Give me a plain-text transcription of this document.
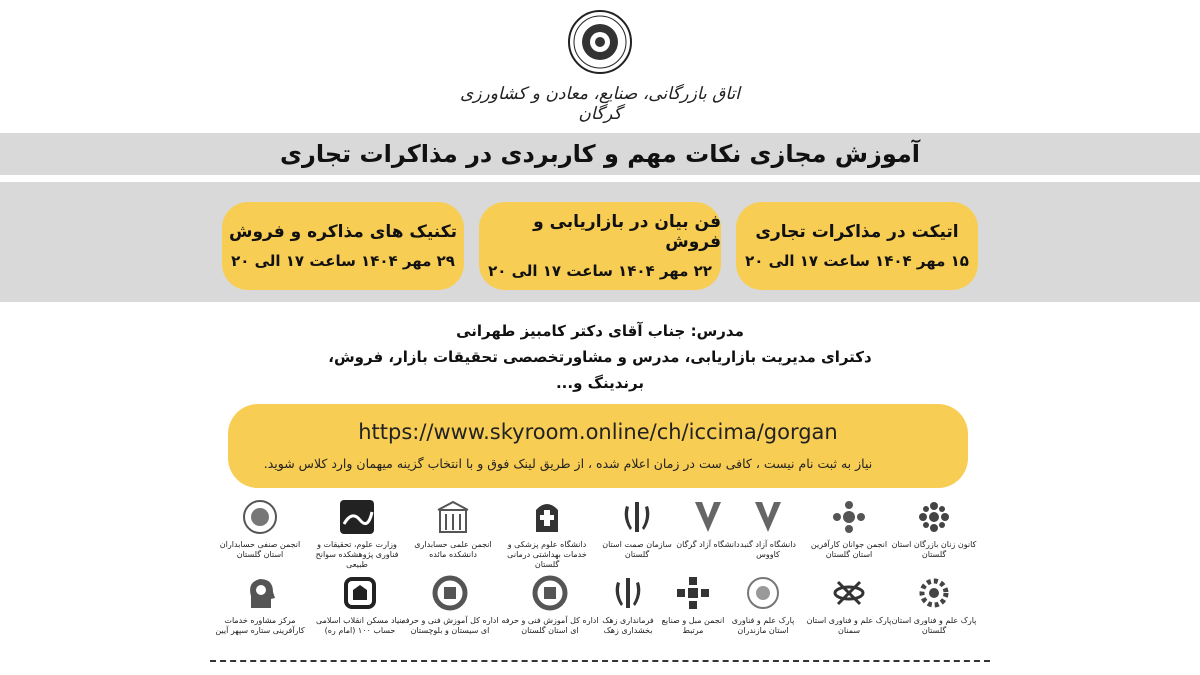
اتاق بازرگانی، صنایع، معادن و کشاورزی گرگان
آموزش مجازی نکات مهم و کاربردی در مذاکرات تجاری
اتیکت در مذاکرات تجاری
۱۵ مهر ۱۴۰۴ ساعت ۱۷ الی ۲۰
فن بیان در بازاریابی و فروش
۲۲ مهر ۱۴۰۴ ساعت ۱۷ الی ۲۰
تکنیک های مذاکره و فروش
۲۹ مهر ۱۴۰۴ ساعت ۱۷ الی ۲۰
مدرس: جناب آقای دکتر کامبیز طهرانی
دکترای مدیریت بازاریابی، مدرس و مشاورتخصصی تحقیقات بازار، فروش، برندینگ و...
https://www.skyroom.online/ch/iccima/gorgan
نیاز به ثبت نام نیست ، کافی ست در زمان اعلام شده ، از طریق لینک فوق و با انتخاب گزینه میهمان وارد کلاس شوید.
کانون زنان بازرگان استان گلستان
انجمن جوانان کارآفرین استان گلستان
دانشگاه آزاد گنبد کاووس
دانشگاه آزاد گرگان
سازمان صمت استان گلستان
دانشگاه علوم پزشکی و خدمات بهداشتی درمانی گلستان
انجمن علمی حسابداری دانشکده مائده
وزارت علوم، تحقیقات و فناوری پژوهشکده سوانح طبیعی
انجمن صنفی حسابداران استان گلستان
پارک علم و فناوری استان گلستان
پارک علم و فناوری استان سمنان
پارک علم و فناوری استان مازندران
انجمن مبل و صنایع مرتبط
فرمانداری زهک بخشداری زهک
اداره کل آموزش فنی و حرفه ای استان گلستان
اداره کل آموزش فنی و حرفه ای سیستان و بلوچستان
بنیاد مسکن انقلاب اسلامی حساب ۱۰۰ (امام ره)
مرکز مشاوره خدمات کارآفرینی ستاره سپهر آیین
